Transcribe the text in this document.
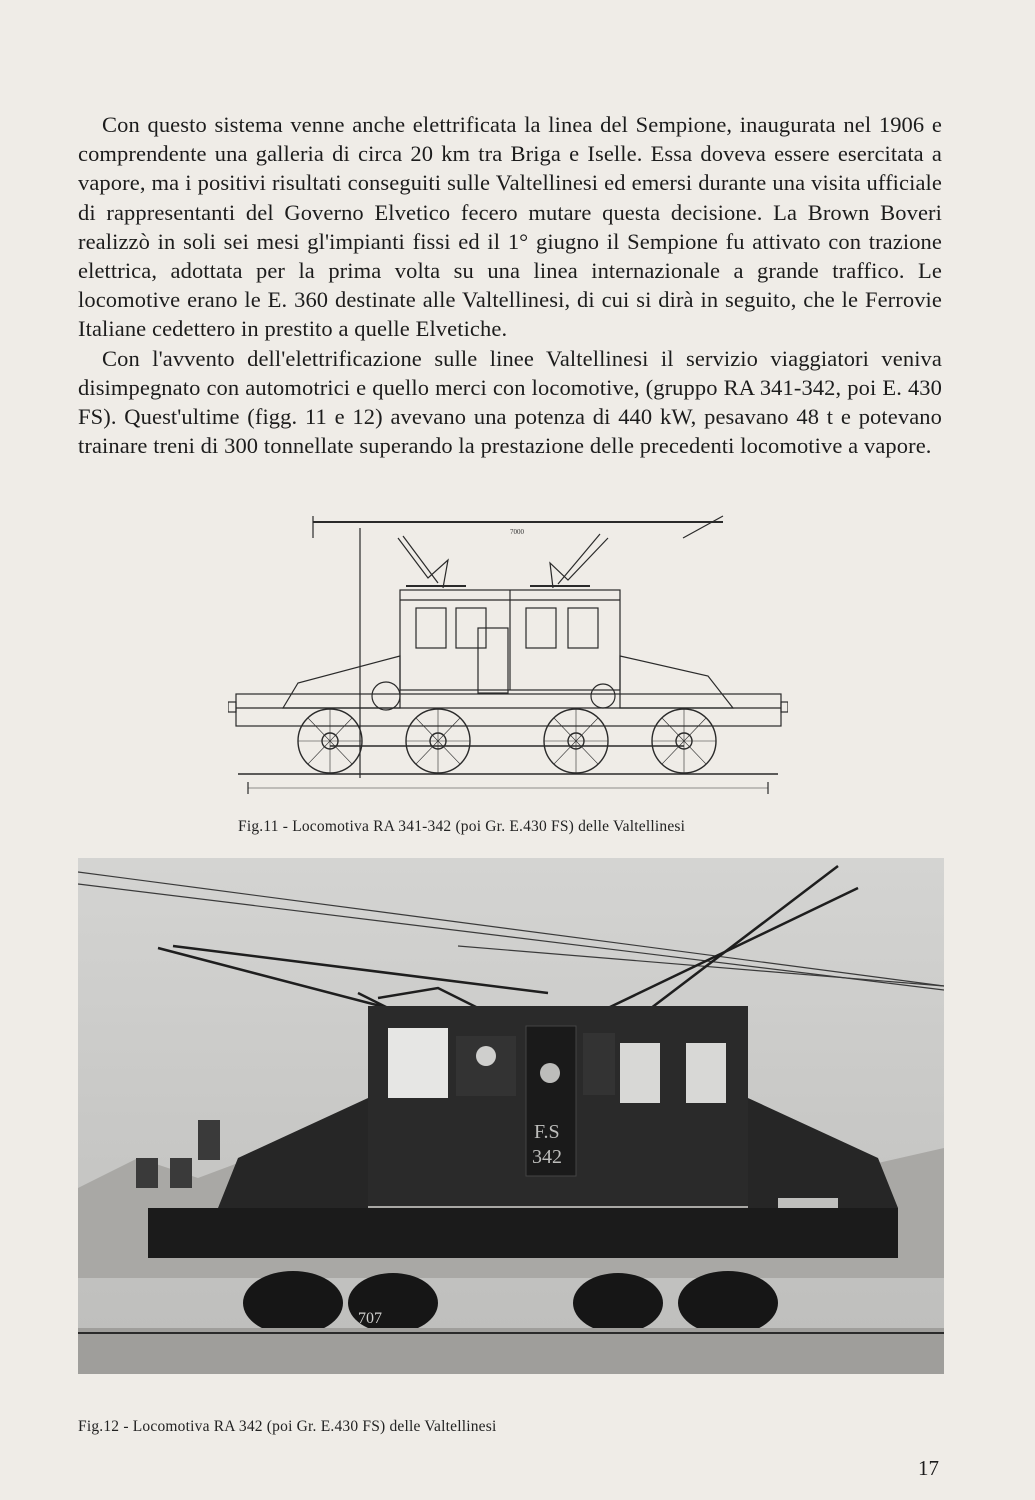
Con questo sistema venne anche elettrificata la linea del Sempione, inaugurata nel 1906 e comprendente una galleria di circa 20 km tra Briga e Iselle. Essa doveva essere esercitata a vapore, ma i positivi risultati conseguiti sulle Valtellinesi ed emersi durante una visita ufficiale di rappresentanti del Governo Elvetico fecero mutare questa decisione. La Brown Boveri realizzò in soli sei mesi gl'impianti fissi ed il 1° giugno il Sempione fu attivato con trazione elettrica, adottata per la prima volta su una linea internazionale a grande traffico. Le locomotive erano le E. 360 destinate alle Valtellinesi, di cui si dirà in seguito, che le Ferrovie Italiane cedettero in prestito a quelle Elvetiche.

Con l'avvento dell'elettrificazione sulle linee Valtellinesi il servizio viaggiatori veniva disimpegnato con automotrici e quello merci con locomotive, (gruppo RA 341-342, poi E. 430 FS). Quest'ultime (figg. 11 e 12) avevano una potenza di 440 kW, pesavano 48 t e potevano trainare treni di 300 tonnellate superando la prestazione delle precedenti locomotive a vapore.

7000
Fig.11 - Locomotiva RA 341-342 (poi Gr. E.430 FS) delle Valtellinesi
707
F.S
342
Fig.12 - Locomotiva RA 342 (poi Gr. E.430 FS) delle Valtellinesi
17
